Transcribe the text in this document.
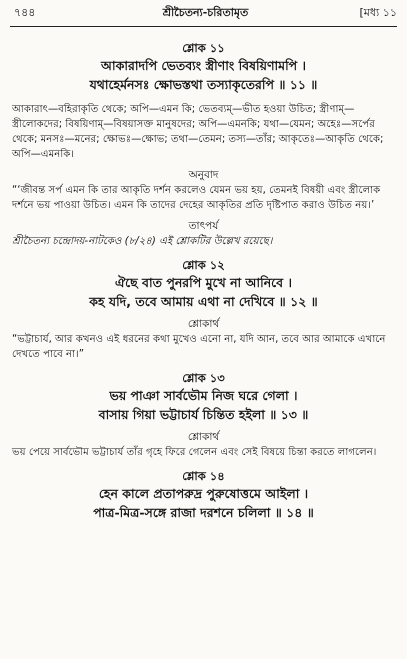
৭৪৪	শ্রীচৈতন্য-চরিতামৃত	[মধ্য ১১
শ্লোক ১১
আকারাদপি ভেতব্যং স্ত্রীণাং বিষয়িণামপি ।
যথাহের্মনসঃ ক্ষোভস্তথা তস্যাকৃতেরপি ॥ ১১ ॥
আকারাৎ—বহিরাকৃতি থেকে; অপি—এমন কি; ভেতব্যম্—ভীত হওয়া উচিত; স্ত্রীণাম্—স্ত্রীলোকদের; বিষয়িণাম্—বিষয়াসক্ত মানুষদের; অপি—এমনকি; যথা—যেমন; অহেঃ—সর্পের থেকে; মনসঃ—মনের; ক্ষোভঃ—ক্ষোভ; তথা—তেমন; তস্য—তাঁর; আকৃতেঃ—আকৃতি থেকে; অপি—এমনকি।
অনুবাদ
“‘জীবন্ত সর্প এমন কি তার আকৃতি দর্শন করলেও যেমন ভয় হয়, তেমনই বিষয়ী এবং স্ত্রীলোক দর্শনে ভয় পাওয়া উচিত। এমন কি তাদের দেহের আকৃতির প্রতি দৃষ্টিপাত করাও উচিত নয়।’
তাৎপর্য
শ্রীচৈতন্য চন্দ্রোদয়-নাটকেও (৮/২৪) এই শ্লোকটির উল্লেখ রয়েছে।
শ্লোক ১২
ঐছে বাত পুনরপি মুখে না আনিবে ।
কহ যদি, তবে আমায় এথা না দেখিবে ॥ ১২ ॥
শ্লোকার্থ
“ভট্টাচার্য, আর কখনও এই ধরনের কথা মুখেও এনো না, যদি আন, তবে আর আমাকে এখানে দেখতে পাবে না।”
শ্লোক ১৩
ভয় পাঞা সার্বভৌম নিজ ঘরে গেলা ।
বাসায় গিয়া ভট্টাচার্য চিন্তিত হইলা ॥ ১৩ ॥
শ্লোকার্থ
ভয় পেয়ে সার্বভৌম ভট্টাচার্য তাঁর গৃহে ফিরে গেলেন এবং সেই বিষয়ে চিন্তা করতে লাগলেন।
শ্লোক ১৪
হেন কালে প্রতাপরুদ্র পুরুষোত্তমে আইলা ।
পাত্র-মিত্র-সঙ্গে রাজা দরশনে চলিলা ॥ ১৪ ॥
